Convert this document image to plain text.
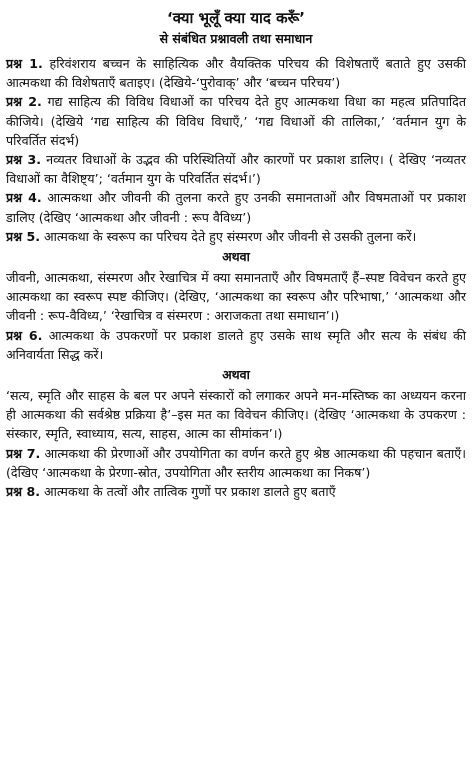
‘क्या भूलूँ क्या याद करूँ’
से संबंधित प्रश्नावली तथा समाधान

प्रश्न 1. हरिवंशराय बच्चन के साहित्यिक और वैयक्तिक परिचय की विशेषताएँ बताते हुए उसकी आत्मकथा की विशेषताएँ बताइए। (देखिये-‘पुरोवाक्’ और ‘बच्चन परिचय’)

प्रश्न 2. गद्य साहित्य की विविध विधाओं का परिचय देते हुए आत्मकथा विधा का महत्व प्रतिपादित कीजिये। (देखिये ‘गद्य साहित्य की विविध विधाएँ,’ ‘गद्य विधाओं की तालिका,’ ‘वर्तमान युग के परिवर्तित संदर्भ)

प्रश्न 3. नव्यतर विधाओं के उद्भव की परिस्थितियों और कारणों पर प्रकाश डालिए। ( देखिए ‘नव्यतर विधाओं का वैशिष्ट्य’; ‘वर्तमान युग के परिवर्तित संदर्भ।’)

प्रश्न 4. आत्मकथा और जीवनी की तुलना करते हुए उनकी समानताओं और विषमताओं पर प्रकाश डालिए (देखिए ‘आत्मकथा और जीवनी : रूप वैविध्य’)

प्रश्न 5. आत्मकथा के स्वरूप का परिचय देते हुए संस्मरण और जीवनी से उसकी तुलना करें।

अथवा

जीवनी, आत्मकथा, संस्मरण और रेखाचित्र में क्या समानताएँ और विषमताएँ हैं–स्पष्ट विवेचन करते हुए आत्मकथा का स्वरूप स्पष्ट कीजिए। (देखिए, ‘आत्मकथा का स्वरूप और परिभाषा,’ ‘आत्मकथा और जीवनी : रूप-वैविध्य,’ ‘रेखाचित्र व संस्मरण : अराजकता तथा समाधान’।)

प्रश्न 6. आत्मकथा के उपकरणों पर प्रकाश डालते हुए उसके साथ स्मृति और सत्य के संबंध की अनिवार्यता सिद्ध करें।

अथवा

‘सत्य, स्मृति और साहस के बल पर अपने संस्कारों को लगाकर अपने मन-मस्तिष्क का अध्ययन करना ही आत्मकथा की सर्वश्रेष्ठ प्रक्रिया है’–इस मत का विवेचन कीजिए। (देखिए ‘आत्मकथा के उपकरण : संस्कार, स्मृति, स्वाध्याय, सत्य, साहस, आत्म का सीमांकन’।)

प्रश्न 7. आत्मकथा की प्रेरणाओं और उपयोगिता का वर्णन करते हुए श्रेष्ठ आत्मकथा की पहचान बताएँ। (देखिए ‘आत्मकथा के प्रेरणा-स्रोत, उपयोगिता और स्तरीय आत्मकथा का निकष’)

प्रश्न 8. आत्मकथा के तत्वों और तात्विक गुणों पर प्रकाश डालते हुए बताएँ
